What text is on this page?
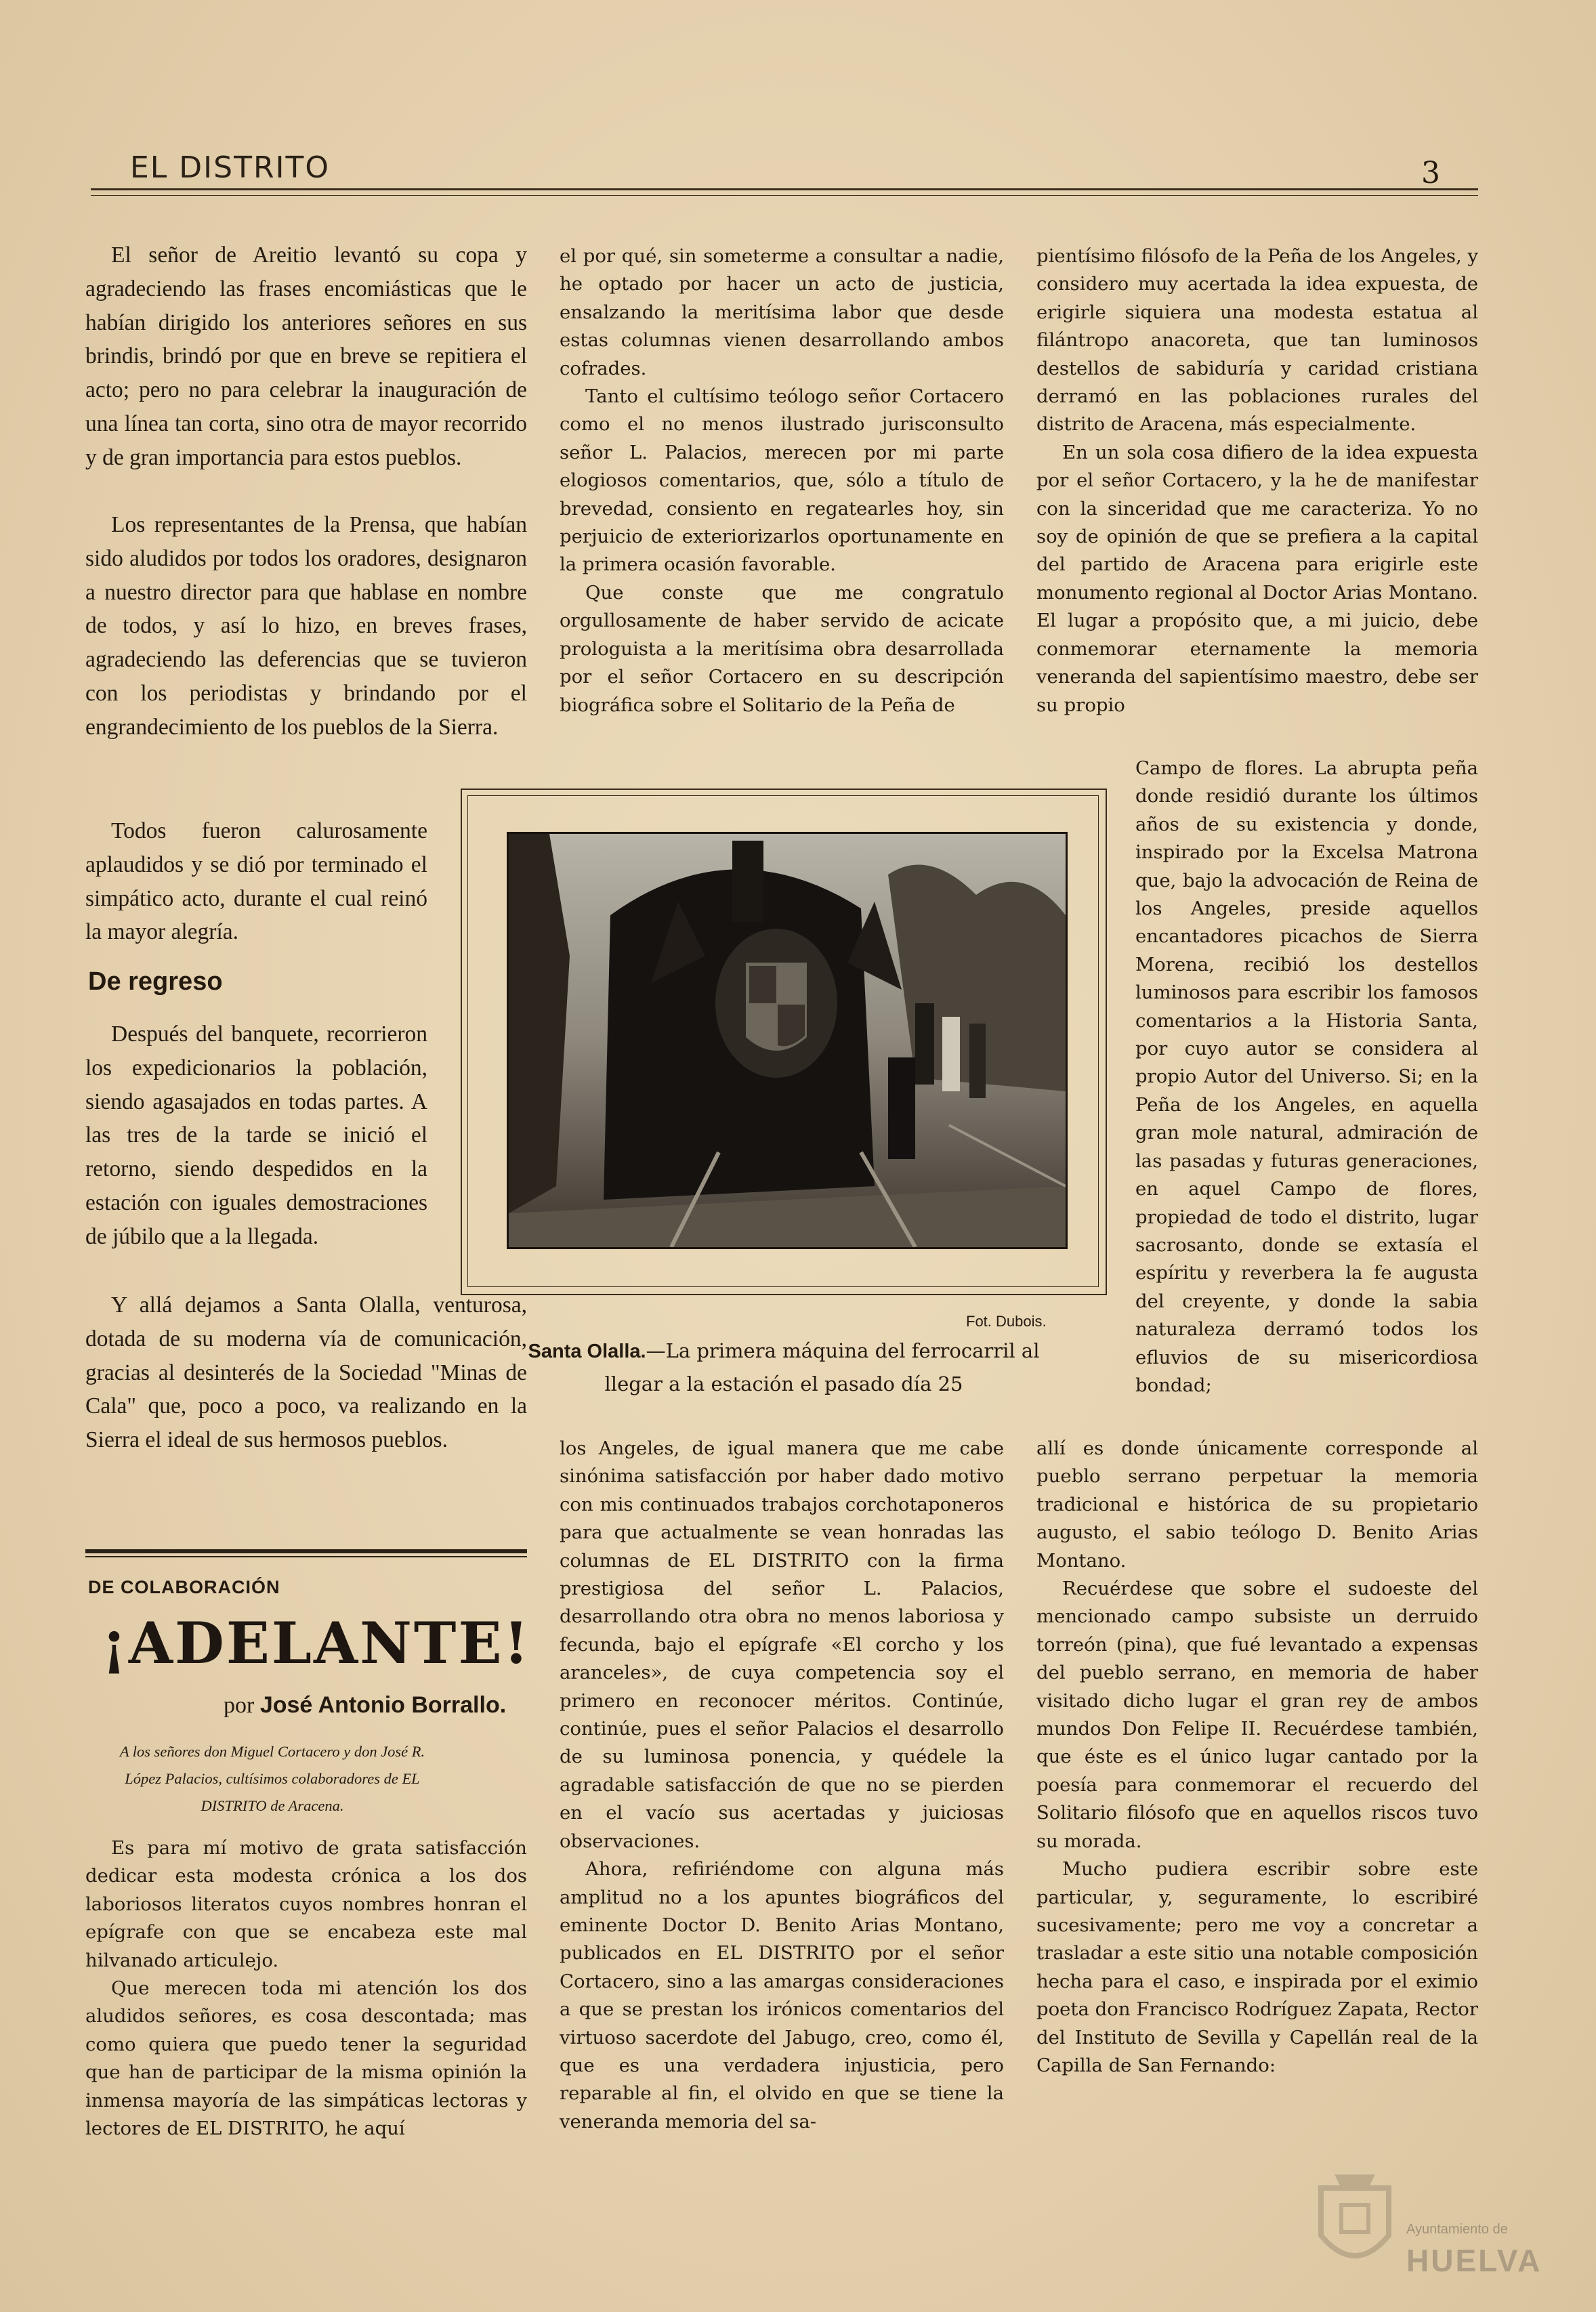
EL DISTRITO	3

El señor de Areitio levantó su copa y agradeciendo las frases encomiásticas que le habían dirigido los anteriores señores en sus brindis, brindó por que en breve se repitiera el acto; pero no para celebrar la inauguración de una línea tan corta, sino otra de mayor recorrido y de gran importancia para estos pueblos.

Los representantes de la Prensa, que habían sido aludidos por todos los oradores, designaron a nuestro director para que hablase en nombre de todos, y así lo hizo, en breves frases, agradeciendo las deferencias que se tuvieron con los periodistas y brindando por el engrandecimiento de los pueblos de la Sierra.

Todos fueron calurosamente aplaudidos y se dió por terminado el simpático acto, durante el cual reinó la mayor alegría.

De regreso

Después del banquete, recorrieron los expedicionarios la población, siendo agasajados en todas partes. A las tres de la tarde se inició el retorno, siendo despedidos en la estación con iguales demostraciones de júbilo que a la llegada.

Y allá dejamos a Santa Olalla, venturosa, dotada de su moderna vía de comunicación, gracias al desinterés de la Sociedad "Minas de Cala" que, poco a poco, va realizando en la Sierra el ideal de sus hermosos pueblos.

DE COLABORACIÓN
¡ADELANTE!
por José Antonio Borrallo.
A los señores don Miguel Cortacero y don José R. López Palacios, cultísimos colaboradores de EL DISTRITO de Aracena.

Es para mí motivo de grata satisfacción dedicar esta modesta crónica a los dos laboriosos literatos cuyos nombres honran el epígrafe con que se encabeza este mal hilvanado articulejo.

Que merecen toda mi atención los dos aludidos señores, es cosa descontada; mas como quiera que puedo tener la seguridad que han de participar de la misma opinión la inmensa mayoría de las simpáticas lectoras y lectores de EL DISTRITO, he aquí

el por qué, sin someterme a consultar a nadie, he optado por hacer un acto de justicia, ensalzando la meritísima labor que desde estas columnas vienen desarrollando ambos cofrades.

Tanto el cultísimo teólogo señor Cortacero como el no menos ilustrado jurisconsulto señor L. Palacios, merecen por mi parte elogiosos comentarios, que, sólo a título de brevedad, consiento en regatearles hoy, sin perjuicio de exteriorizarlos oportunamente en la primera ocasión favorable.

Que conste que me congratulo orgullosamente de haber servido de acicate prologuista a la meritísima obra desarrollada por el señor Cortacero en su descripción biográfica sobre el Solitario de la Peña de

Fot. Dubois.
Santa Olalla.—La primera máquina del ferrocarril al llegar a la estación el pasado día 25

los Angeles, de igual manera que me cabe sinónima satisfacción por haber dado motivo con mis continuados trabajos corchotaponeros para que actualmente se vean honradas las columnas de EL DISTRITO con la firma prestigiosa del señor L. Palacios, desarrollando otra obra no menos laboriosa y fecunda, bajo el epígrafe «El corcho y los aranceles», de cuya competencia soy el primero en reconocer méritos. Continúe, continúe, pues el señor Palacios el desarrollo de su luminosa ponencia, y quédele la agradable satisfacción de que no se pierden en el vacío sus acertadas y juiciosas observaciones.

Ahora, refiriéndome con alguna más amplitud no a los apuntes biográficos del eminente Doctor D. Benito Arias Montano, publicados en EL DISTRITO por el señor Cortacero, sino a las amargas consideraciones a que se prestan los irónicos comentarios del virtuoso sacerdote del Jabugo, creo, como él, que es una verdadera injusticia, pero reparable al fin, el olvido en que se tiene la veneranda memoria del sa-

pientísimo filósofo de la Peña de los Angeles, y considero muy acertada la idea expuesta, de erigirle siquiera una modesta estatua al filántropo anacoreta, que tan luminosos destellos de sabiduría y caridad cristiana derramó en las poblaciones rurales del distrito de Aracena, más especialmente.

En un sola cosa difiero de la idea expuesta por el señor Cortacero, y la he de manifestar con la sinceridad que me caracteriza. Yo no soy de opinión de que se prefiera a la capital del partido de Aracena para erigirle este monumento regional al Doctor Arias Montano. El lugar a propósito que, a mi juicio, debe conmemorar eternamente la memoria veneranda del sapientísimo maestro, debe ser su propio

Campo de flores. La abrupta peña donde residió durante los últimos años de su existencia y donde, inspirado por la Excelsa Matrona que, bajo la advocación de Reina de los Angeles, preside aquellos encantadores picachos de Sierra Morena, recibió los destellos luminosos para escribir los famosos comentarios a la Historia Santa, por cuyo autor se considera al propio Autor del Universo. Si; en la Peña de los Angeles, en aquella gran mole natural, admiración de las pasadas y futuras generaciones, en aquel Campo de flores, propiedad de todo el distrito, lugar sacrosanto, donde se extasía el espíritu y reverbera la fe augusta del creyente, y donde la sabia naturaleza derramó todos los efluvios de su misericordiosa bondad;

allí es donde únicamente corresponde al pueblo serrano perpetuar la memoria tradicional e histórica de su propietario augusto, el sabio teólogo D. Benito Arias Montano.

Recuérdese que sobre el sudoeste del mencionado campo subsiste un derruido torreón (pina), que fué levantado a expensas del pueblo serrano, en memoria de haber visitado dicho lugar el gran rey de ambos mundos Don Felipe II. Recuérdese también, que éste es el único lugar cantado por la poesía para conmemorar el recuerdo del Solitario filósofo que en aquellos riscos tuvo su morada.

Mucho pudiera escribir sobre este particular, y, seguramente, lo escribiré sucesivamente; pero me voy a concretar a trasladar a este sitio una notable composición hecha para el caso, e inspirada por el eximio poeta don Francisco Rodríguez Zapata, Rector del Instituto de Sevilla y Capellán real de la Capilla de San Fernando:

Ayuntamiento de
HUELVA
